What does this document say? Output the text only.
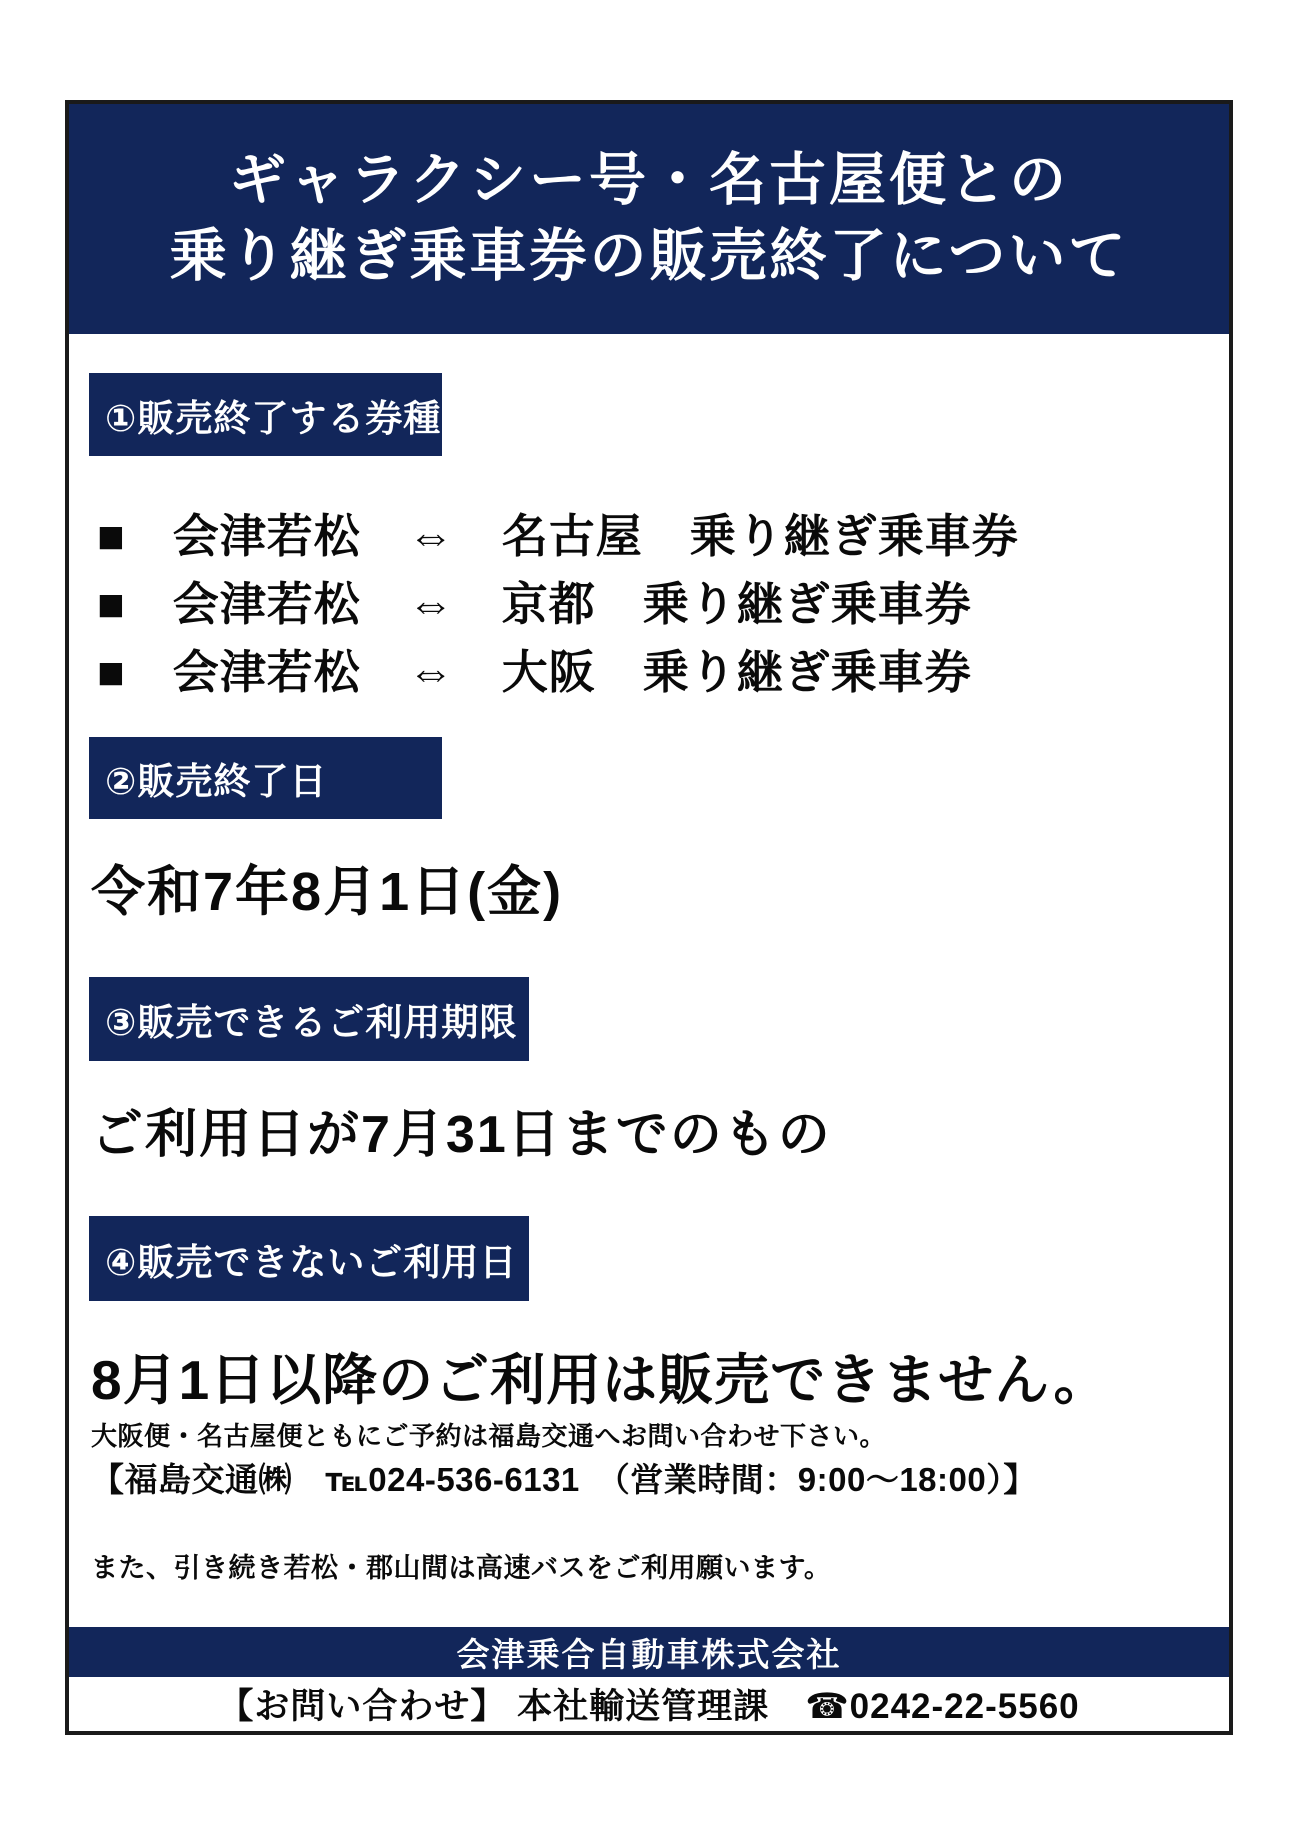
ギャラクシー号・名古屋便との
乗り継ぎ乗車券の販売終了について
①販売終了する券種
■　会津若松　⇔　名古屋　乗り継ぎ乗車券
■　会津若松　⇔　京都　乗り継ぎ乗車券
■　会津若松　⇔　大阪　乗り継ぎ乗車券
②販売終了日
令和7年8月1日(金)
③販売できるご利用期限
ご利用日が7月31日までのもの
④販売できないご利用日
8月1日以降のご利用は販売できません。
大阪便・名古屋便ともにご予約は福島交通へお問い合わせ下さい。
【福島交通㈱　℡024-536-6131　（営業時間：9:00～18:00）】
また、引き続き若松・郡山間は高速バスをご利用願います。
会津乗合自動車株式会社
【お問い合わせ】 本社輸送管理課　☎0242-22-5560
